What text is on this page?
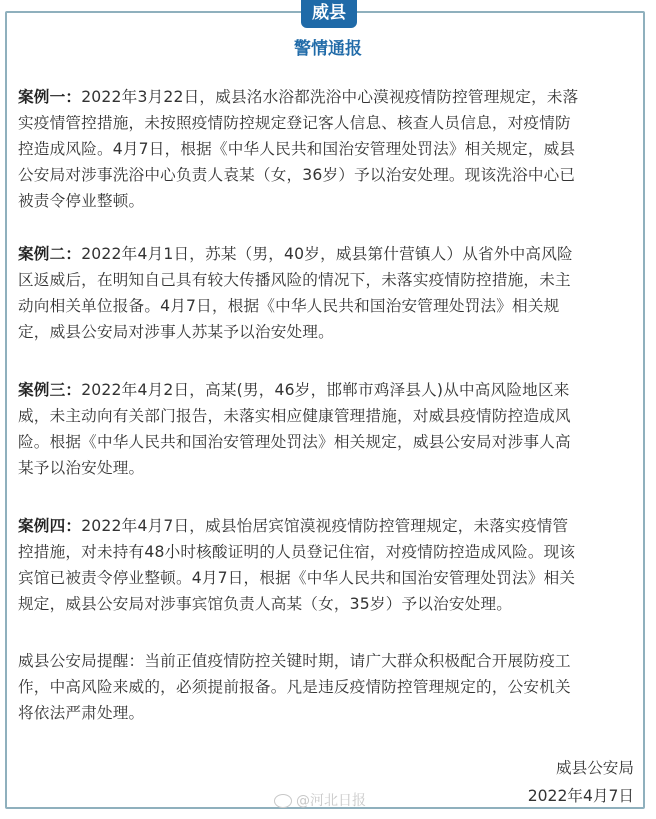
威县
警情通报
案例一：2022年3月22日，威县洺水浴都洗浴中心漠视疫情防控管理规定，未落
实疫情管控措施，未按照疫情防控规定登记客人信息、核查人员信息，对疫情防
控造成风险。4月7日，根据《中华人民共和国治安管理处罚法》相关规定，威县
公安局对涉事洗浴中心负责人袁某（女，36岁）予以治安处理。现该洗浴中心已
被责令停业整顿。
案例二：2022年4月1日，苏某（男，40岁，威县第什营镇人）从省外中高风险
区返威后，在明知自己具有较大传播风险的情况下，未落实疫情防控措施，未主
动向相关单位报备。4月7日，根据《中华人民共和国治安管理处罚法》相关规
定，威县公安局对涉事人苏某予以治安处理。
案例三：2022年4月2日，高某(男，46岁，邯郸市鸡泽县人)从中高风险地区来
威，未主动向有关部门报告，未落实相应健康管理措施，对威县疫情防控造成风
险。根据《中华人民共和国治安管理处罚法》相关规定，威县公安局对涉事人高
某予以治安处理。
案例四：2022年4月7日，威县怡居宾馆漠视疫情防控管理规定，未落实疫情管
控措施，对未持有48小时核酸证明的人员登记住宿，对疫情防控造成风险。现该
宾馆已被责令停业整顿。4月7日，根据《中华人民共和国治安管理处罚法》相关
规定，威县公安局对涉事宾馆负责人高某（女，35岁）予以治安处理。
威县公安局提醒：当前正值疫情防控关键时期，请广大群众积极配合开展防疫工
作，中高风险来威的，必须提前报备。凡是违反疫情防控管理规定的，公安机关
将依法严肃处理。
威县公安局
2022年4月7日
@河北日报
